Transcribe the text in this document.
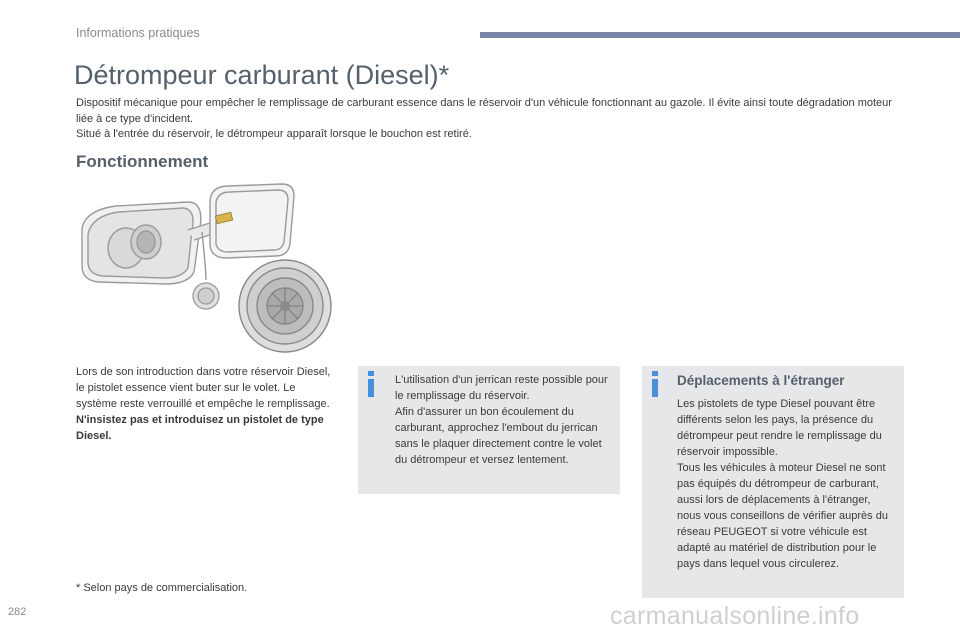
Informations pratiques
Détrompeur carburant (Diesel)*

Dispositif mécanique pour empêcher le remplissage de carburant essence dans le réservoir d'un véhicule fonctionnant au gazole. Il évite ainsi toute dégradation moteur liée à ce type d'incident.

Situé à l'entrée du réservoir, le détrompeur apparaît lorsque le bouchon est retiré.

Fonctionnement

Lors de son introduction dans votre réservoir Diesel, le pistolet essence vient buter sur le volet. Le système reste verrouillé et empêche le remplissage.

N'insistez pas et introduisez un pistolet de type Diesel.

L'utilisation d'un jerrican reste possible pour le remplissage du réservoir.

Afin d'assurer un bon écoulement du carburant, approchez l'embout du jerrican sans le plaquer directement contre le volet du détrompeur et versez lentement.

Déplacements à l'étranger

Les pistolets de type Diesel pouvant être différents selon les pays, la présence du détrompeur peut rendre le remplissage du réservoir impossible.

Tous les véhicules à moteur Diesel ne sont pas équipés du détrompeur de carburant, aussi lors de déplacements à l'étranger, nous vous conseillons de vérifier auprès du réseau PEUGEOT si votre véhicule est adapté au matériel de distribution pour le pays dans lequel vous circulerez.

* Selon pays de commercialisation.
282	carmanualsonline.info
